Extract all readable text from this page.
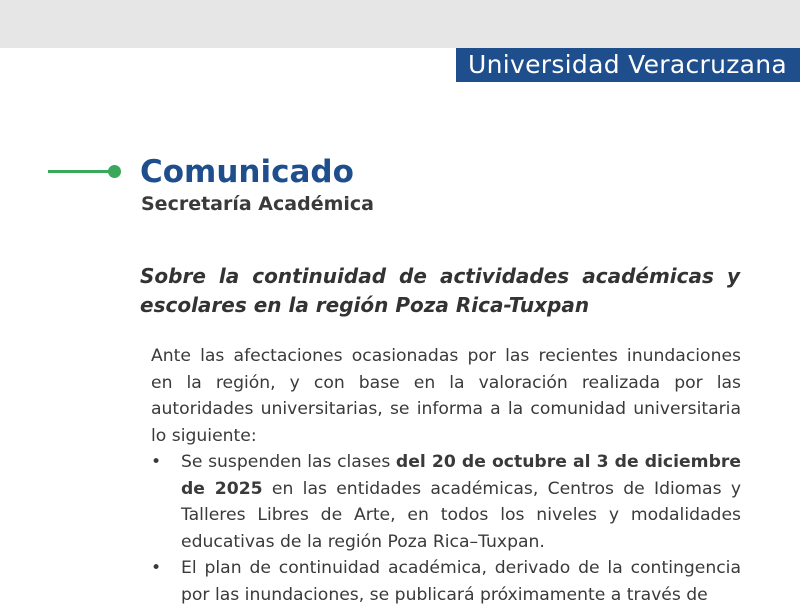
Universidad Veracruzana
Comunicado
Secretaría Académica
Sobre la continuidad de actividades académicas y escolares en la región Poza Rica-Tuxpan

Ante las afectaciones ocasionadas por las recientes inundaciones en la región, y con base en la valoración realizada por las autoridades universitarias, se informa a la comunidad universitaria lo siguiente:

•	Se suspenden las clases del 20 de octubre al 3 de diciembre de 2025 en las entidades académicas, Centros de Idiomas y Talleres Libres de Arte, en todos los niveles y modalidades educativas de la región Poza Rica–Tuxpan.
•	El plan de continuidad académica, derivado de la contingencia por las inundaciones, se publicará próximamente a través de
